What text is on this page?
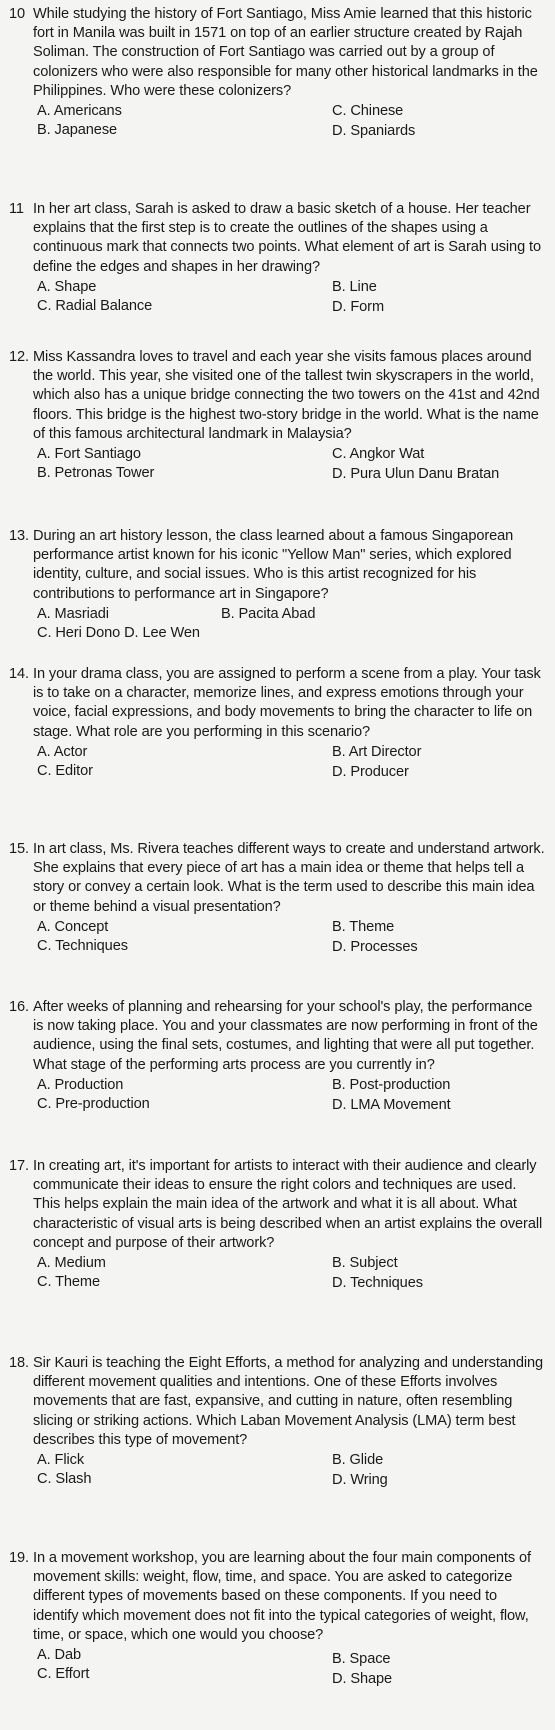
10 While studying the history of Fort Santiago, Miss Amie learned that this historic fort in Manila was built in 1571 on top of an earlier structure created by Rajah Soliman. The construction of Fort Santiago was carried out by a group of colonizers who were also responsible for many other historical landmarks in the Philippines. Who were these colonizers?

A. Americans	C. Chinese
B. Japanese	D. Spaniards
11 In her art class, Sarah is asked to draw a basic sketch of a house. Her teacher explains that the first step is to create the outlines of the shapes using a continuous mark that connects two points. What element of art is Sarah using to define the edges and shapes in her drawing?

A. Shape	B. Line
C. Radial Balance	D. Form
12. Miss Kassandra loves to travel and each year she visits famous places around the world. This year, she visited one of the tallest twin skyscrapers in the world, which also has a unique bridge connecting the two towers on the 41st and 42nd floors. This bridge is the highest two-story bridge in the world. What is the name of this famous architectural landmark in Malaysia?

A. Fort Santiago	C. Angkor Wat
B. Petronas Tower	D. Pura Ulun Danu Bratan
13. During an art history lesson, the class learned about a famous Singaporean performance artist known for his iconic "Yellow Man" series, which explored identity, culture, and social issues. Who is this artist recognized for his contributions to performance art in Singapore?

A. Masriadi	B. Pacita Abad
C. Heri Dono D. Lee Wen
14. In your drama class, you are assigned to perform a scene from a play. Your task is to take on a character, memorize lines, and express emotions through your voice, facial expressions, and body movements to bring the character to life on stage. What role are you performing in this scenario?

A. Actor	B. Art Director
C. Editor	D. Producer
15. In art class, Ms. Rivera teaches different ways to create and understand artwork. She explains that every piece of art has a main idea or theme that helps tell a story or convey a certain look. What is the term used to describe this main idea or theme behind a visual presentation?

A. Concept	B. Theme
C. Techniques	D. Processes
16. After weeks of planning and rehearsing for your school's play, the performance is now taking place. You and your classmates are now performing in front of the audience, using the final sets, costumes, and lighting that were all put together. What stage of the performing arts process are you currently in?

A. Production	B. Post-production
C. Pre-production	D. LMA Movement
17. In creating art, it's important for artists to interact with their audience and clearly communicate their ideas to ensure the right colors and techniques are used. This helps explain the main idea of the artwork and what it is all about. What characteristic of visual arts is being described when an artist explains the overall concept and purpose of their artwork?

A. Medium	B. Subject
C. Theme	D. Techniques
18. Sir Kauri is teaching the Eight Efforts, a method for analyzing and understanding different movement qualities and intentions. One of these Efforts involves movements that are fast, expansive, and cutting in nature, often resembling slicing or striking actions. Which Laban Movement Analysis (LMA) term best describes this type of movement?

A. Flick	B. Glide
C. Slash	D. Wring
19. In a movement workshop, you are learning about the four main components of movement skills: weight, flow, time, and space. You are asked to categorize different types of movements based on these components. If you need to identify which movement does not fit into the typical categories of weight, flow, time, or space, which one would you choose?

A. Dab	B. Space
C. Effort	D. Shape
